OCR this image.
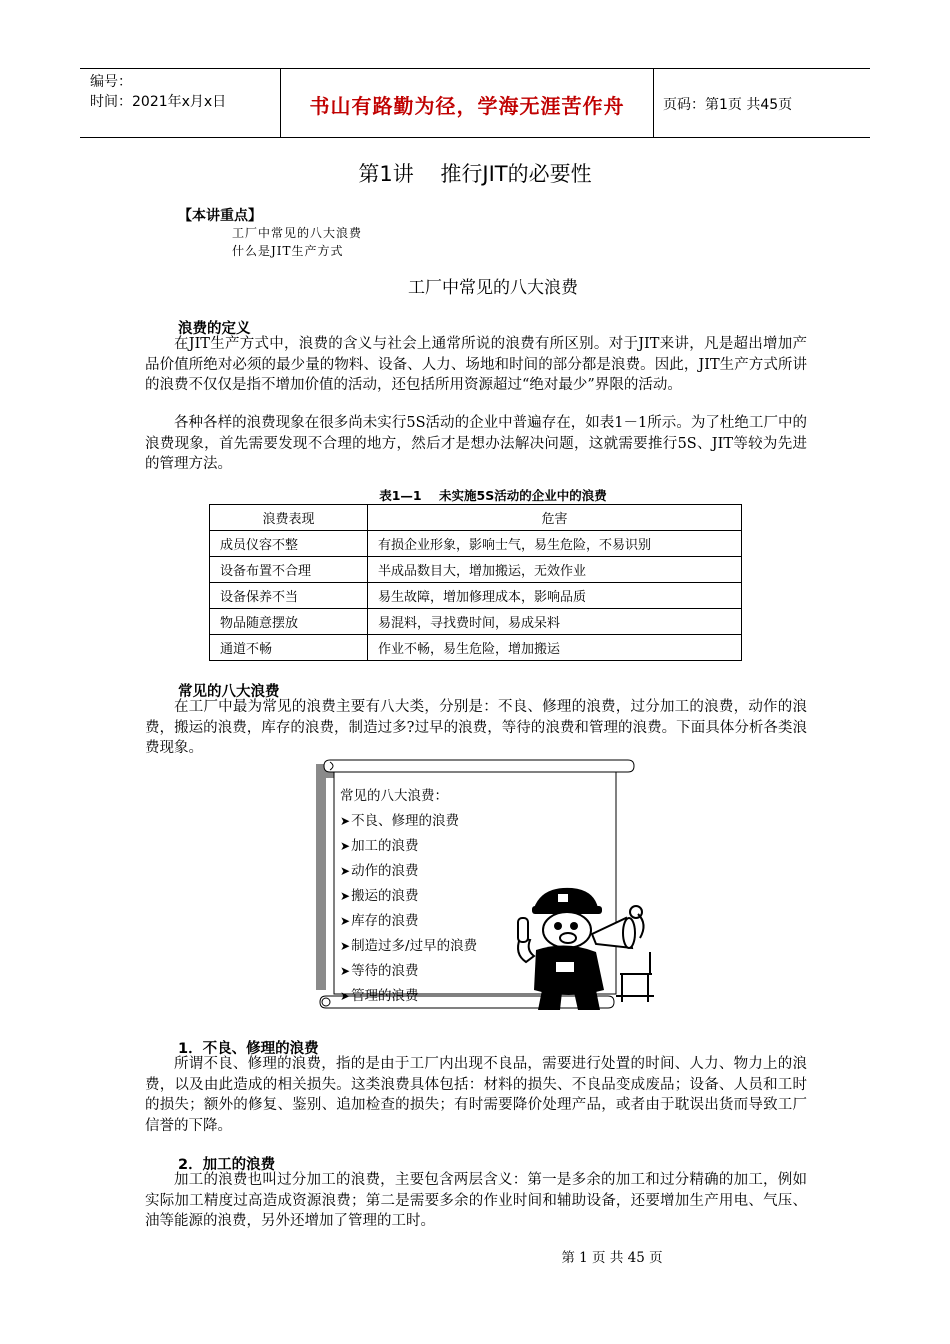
编号：
时间：2021年x月x日	书山有路勤为径，学海无涯苦作舟	页码：第1页 共45页
第1讲    推行JIT的必要性
【本讲重点】
工厂中常见的八大浪费
什么是JIT生产方式
工厂中常见的八大浪费
浪费的定义

在JIT生产方式中，浪费的含义与社会上通常所说的浪费有所区别。对于JIT来讲，凡是超出增加产品价值所绝对必须的最少量的物料、设备、人力、场地和时间的部分都是浪费。因此，JIT生产方式所讲的浪费不仅仅是指不增加价值的活动，还包括所用资源超过“绝对最少”界限的活动。

各种各样的浪费现象在很多尚未实行5S活动的企业中普遍存在，如表1－1所示。为了杜绝工厂中的浪费现象，首先需要发现不合理的地方，然后才是想办法解决问题，这就需要推行5S、JIT等较为先进的管理方法。

表1—1    未实施5S活动的企业中的浪费
浪费表现	危害
成员仪容不整	有损企业形象，影响士气，易生危险，不易识别
设备布置不合理	半成品数目大，增加搬运，无效作业
设备保养不当	易生故障，增加修理成本，影响品质
物品随意摆放	易混料，寻找费时间，易成呆料
通道不畅	作业不畅，易生危险，增加搬运
常见的八大浪费

在工厂中最为常见的浪费主要有八大类，分别是：不良、修理的浪费，过分加工的浪费，动作的浪费，搬运的浪费，库存的浪费，制造过多?过早的浪费，等待的浪费和管理的浪费。下面具体分析各类浪费现象。

常见的八大浪费：
➤不良、修理的浪费
➤加工的浪费
➤动作的浪费
➤搬运的浪费
➤库存的浪费
➤制造过多/过早的浪费
➤等待的浪费
➤管理的浪费
1．不良、修理的浪费

所谓不良、修理的浪费，指的是由于工厂内出现不良品，需要进行处置的时间、人力、物力上的浪费，以及由此造成的相关损失。这类浪费具体包括：材料的损失、不良品变成废品；设备、人员和工时的损失；额外的修复、鉴别、追加检查的损失；有时需要降价处理产品，或者由于耽误出货而导致工厂信誉的下降。

2．加工的浪费

加工的浪费也叫过分加工的浪费，主要包含两层含义：第一是多余的加工和过分精确的加工，例如实际加工精度过高造成资源浪费；第二是需要多余的作业时间和辅助设备，还要增加生产用电、气压、油等能源的浪费，另外还增加了管理的工时。

第 1 页 共 45 页
